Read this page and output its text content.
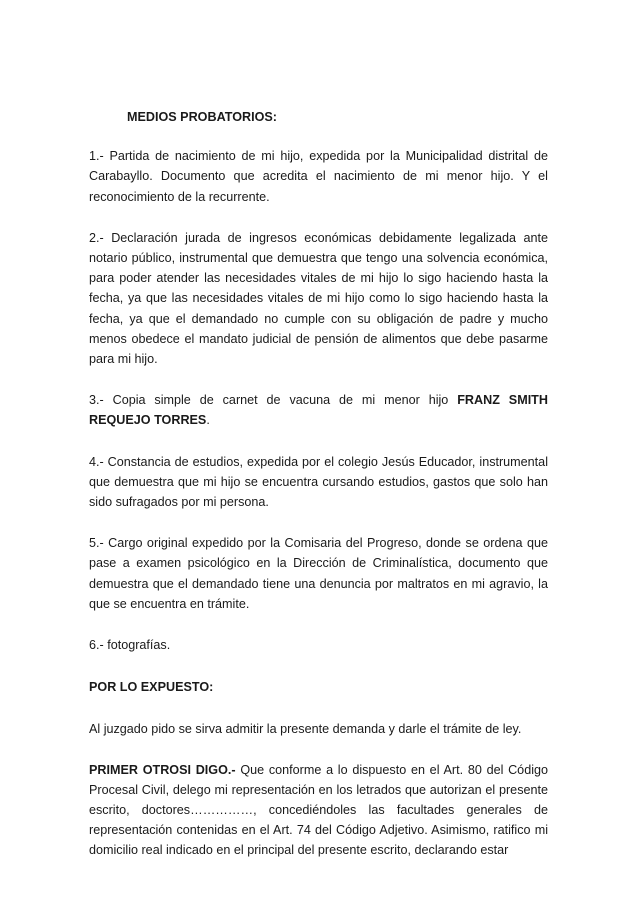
MEDIOS PROBATORIOS:

1.- Partida de nacimiento de mi hijo, expedida por la Municipalidad distrital de Carabayllo. Documento que acredita el nacimiento de mi menor hijo. Y el reconocimiento de la recurrente.

2.- Declaración jurada de ingresos económicas debidamente legalizada ante notario público, instrumental que demuestra que tengo una solvencia económica, para poder atender las necesidades vitales de mi hijo lo sigo haciendo hasta la fecha, ya que las necesidades vitales de mi hijo como lo sigo haciendo hasta la fecha, ya que el demandado no cumple con su obligación de padre y mucho menos obedece el mandato judicial de pensión de alimentos que debe pasarme para mi hijo.

3.- Copia simple de carnet de vacuna de mi menor hijo FRANZ SMITH REQUEJO TORRES.

4.- Constancia de estudios, expedida por el colegio Jesús Educador, instrumental que demuestra que mi hijo se encuentra cursando estudios, gastos que solo han sido sufragados por mi persona.

5.- Cargo original expedido por la Comisaria del Progreso, donde se ordena que pase a examen psicológico en la Dirección de Criminalística, documento que demuestra que el demandado tiene una denuncia por maltratos en mi agravio, la que se encuentra en trámite.

6.- fotografías.

POR LO EXPUESTO:

Al juzgado pido se sirva admitir la presente demanda y darle el trámite de ley.

PRIMER OTROSI DIGO.- Que conforme a lo dispuesto en el Art. 80 del Código Procesal Civil, delego mi representación en los letrados que autorizan el presente escrito, doctores……………, concediéndoles las facultades generales de representación contenidas en el Art. 74 del Código Adjetivo. Asimismo, ratifico mi domicilio real indicado en el principal del presente escrito, declarando estar
